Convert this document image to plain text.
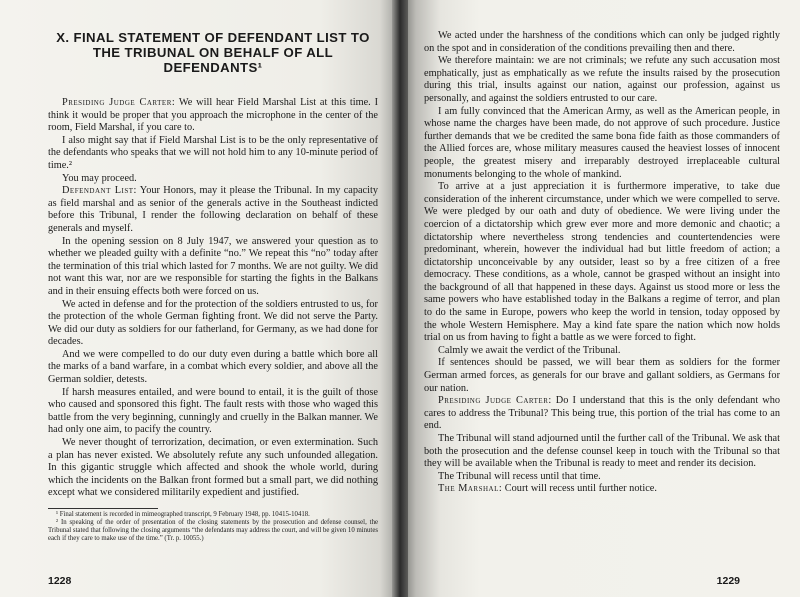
X. FINAL STATEMENT OF DEFENDANT LIST TO THE TRIBUNAL ON BEHALF OF ALL DEFENDANTS¹

Presiding Judge Carter: We will hear Field Marshal List at this time. I think it would be proper that you approach the microphone in the center of the room, Field Marshal, if you care to.

I also might say that if Field Marshal List is to be the only representative of the defendants who speaks that we will not hold him to any 10-minute period of time.²

You may proceed.

Defendant List: Your Honors, may it please the Tribunal. In my capacity as field marshal and as senior of the generals active in the Southeast indicted before this Tribunal, I render the following declaration on behalf of these generals and myself.

In the opening session on 8 July 1947, we answered your question as to whether we pleaded guilty with a definite “no.” We repeat this “no” today after the termination of this trial which lasted for 7 months. We are not guilty. We did not want this war, nor are we responsible for starting the fights in the Balkans and in their ensuing effects both were forced on us.

We acted in defense and for the protection of the soldiers entrusted to us, for the protection of the whole German fighting front. We did not serve the Party. We did our duty as soldiers for our fatherland, for Germany, as we had done for decades.

And we were compelled to do our duty even during a battle which bore all the marks of a band warfare, in a combat which every soldier, and above all the German soldier, detests.

If harsh measures entailed, and were bound to entail, it is the guilt of those who caused and sponsored this fight. The fault rests with those who waged this battle from the very beginning, cunningly and cruelly in the Balkan manner. We had only one aim, to pacify the country.

We never thought of terrorization, decimation, or even extermination. Such a plan has never existed. We absolutely refute any such unfounded allegation. In this gigantic struggle which affected and shook the whole world, during which the incidents on the Balkan front formed but a small part, we did nothing except what we considered militarily expedient and justified.

¹ Final statement is recorded in mimeographed transcript, 9 February 1948, pp. 10415-10418.

² In speaking of the order of presentation of the closing statements by the prosecution and defense counsel, the Tribunal stated that following the closing arguments “the defendants may address the court, and will be given 10 minutes each if they care to make use of the time.” (Tr. p. 10055.)

1228

We acted under the harshness of the conditions which can only be judged rightly on the spot and in consideration of the conditions prevailing then and there.

We therefore maintain: we are not criminals; we refute any such accusation most emphatically, just as emphatically as we refute the insults raised by the prosecution during this trial, insults against our nation, against our profession, against us personally, and against the soldiers entrusted to our care.

I am fully convinced that the American Army, as well as the American people, in whose name the charges have been made, do not approve of such procedure. Justice further demands that we be credited the same bona fide faith as those commanders of the Allied forces are, whose military measures caused the heaviest losses of innocent people, the greatest misery and irreparably destroyed irreplaceable cultural monuments belonging to the whole of mankind.

To arrive at a just appreciation it is furthermore imperative, to take due consideration of the inherent circumstance, under which we were compelled to serve. We were pledged by our oath and duty of obedience. We were living under the coercion of a dictatorship which grew ever more and more demonic and chaotic; a dictatorship where nevertheless strong tendencies and countertendencies were predominant, wherein, however the individual had but little freedom of action; a dictatorship unconceivable by any outsider, least so by a free citizen of a free democracy. These conditions, as a whole, cannot be grasped without an insight into the background of all that happened in these days. Against us stood more or less the same powers who have established today in the Balkans a regime of terror, and plan to do the same in Europe, powers who keep the world in tension, today opposed by the whole Western Hemisphere. May a kind fate spare the nation which now holds trial on us from having to fight a battle as we were forced to fight.

Calmly we await the verdict of the Tribunal.

If sentences should be passed, we will bear them as soldiers for the former German armed forces, as generals for our brave and gallant soldiers, as Germans for our nation.

Presiding Judge Carter: Do I understand that this is the only defendant who cares to address the Tribunal? This being true, this portion of the trial has come to an end.

The Tribunal will stand adjourned until the further call of the Tribunal. We ask that both the prosecution and the defense counsel keep in touch with the Tribunal so that they will be available when the Tribunal is ready to meet and render its decision.

The Tribunal will recess until that time.

The Marshal: Court will recess until further notice.

1229
